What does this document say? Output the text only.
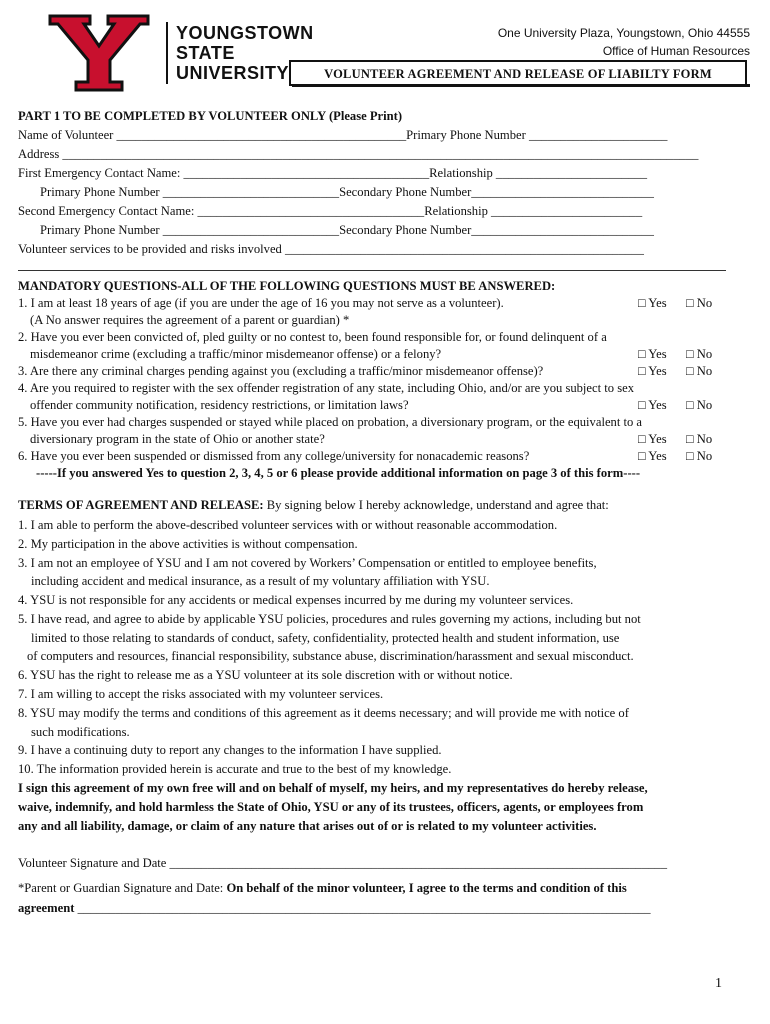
YOUNGSTOWN
STATE
UNIVERSITY
One University Plaza, Youngstown, Ohio 44555
Office of Human Resources
VOLUNTEER AGREEMENT AND RELEASE OF LIABILTY FORM
PART 1 TO BE COMPLETED BY VOLUNTEER ONLY (Please Print)
Name of Volunteer ______________________________________________Primary Phone Number ______________________
Address _____________________________________________________________________________________________________
First Emergency Contact Name: _______________________________________Relationship ________________________
Primary Phone Number ____________________________Secondary Phone Number_____________________________
Second Emergency Contact Name: ____________________________________Relationship ________________________
Primary Phone Number ____________________________Secondary Phone Number_____________________________
Volunteer services to be provided and risks involved _________________________________________________________
MANDATORY QUESTIONS-ALL OF THE FOLLOWING QUESTIONS MUST BE ANSWERED:
1. I am at least 18 years of age (if you are under the age of 16 you may not serve as a volunteer).	□ Yes □ No
(A No answer requires the agreement of a parent or guardian) *
2. Have you ever been convicted of, pled guilty or no contest to, been found responsible for, or found delinquent of a
misdemeanor crime (excluding a traffic/minor misdemeanor offense) or a felony?	□ Yes □ No
3. Are there any criminal charges pending against you (excluding a traffic/minor misdemeanor offense)?	□ Yes □ No
4. Are you required to register with the sex offender registration of any state, including Ohio, and/or are you subject to sex
offender community notification, residency restrictions, or limitation laws?	□ Yes □ No
5. Have you ever had charges suspended or stayed while placed on probation, a diversionary program, or the equivalent to a
diversionary program in the state of Ohio or another state?	□ Yes □ No
6. Have you ever been suspended or dismissed from any college/university for nonacademic reasons?	□ Yes □ No
-----If you answered Yes to question 2, 3, 4, 5 or 6 please provide additional information on page 3 of this form----
TERMS OF AGREEMENT AND RELEASE: By signing below I hereby acknowledge, understand and agree that:
1. I am able to perform the above-described volunteer services with or without reasonable accommodation.
2. My participation in the above activities is without compensation.
3. I am not an employee of YSU and I am not covered by Workers’ Compensation or entitled to employee benefits,
including accident and medical insurance, as a result of my voluntary affiliation with YSU.
4. YSU is not responsible for any accidents or medical expenses incurred by me during my volunteer services.
5. I have read, and agree to abide by applicable YSU policies, procedures and rules governing my actions, including but not
limited to those relating to standards of conduct, safety, confidentiality, protected health and student information, use
of computers and resources, financial responsibility, substance abuse, discrimination/harassment and sexual misconduct.
6. YSU has the right to release me as a YSU volunteer at its sole discretion with or without notice.
7. I am willing to accept the risks associated with my volunteer services.
8. YSU may modify the terms and conditions of this agreement as it deems necessary; and will provide me with notice of
such modifications.
9. I have a continuing duty to report any changes to the information I have supplied.
10. The information provided herein is accurate and true to the best of my knowledge.
I sign this agreement of my own free will and on behalf of myself, my heirs, and my representatives do hereby release,
waive, indemnify, and hold harmless the State of Ohio, YSU or any of its trustees, officers, agents, or employees from
any and all liability, damage, or claim of any nature that arises out of or is related to my volunteer activities.
Volunteer Signature and Date _______________________________________________________________________________
*Parent or Guardian Signature and Date: On behalf of the minor volunteer, I agree to the terms and condition of this
agreement ___________________________________________________________________________________________
1
